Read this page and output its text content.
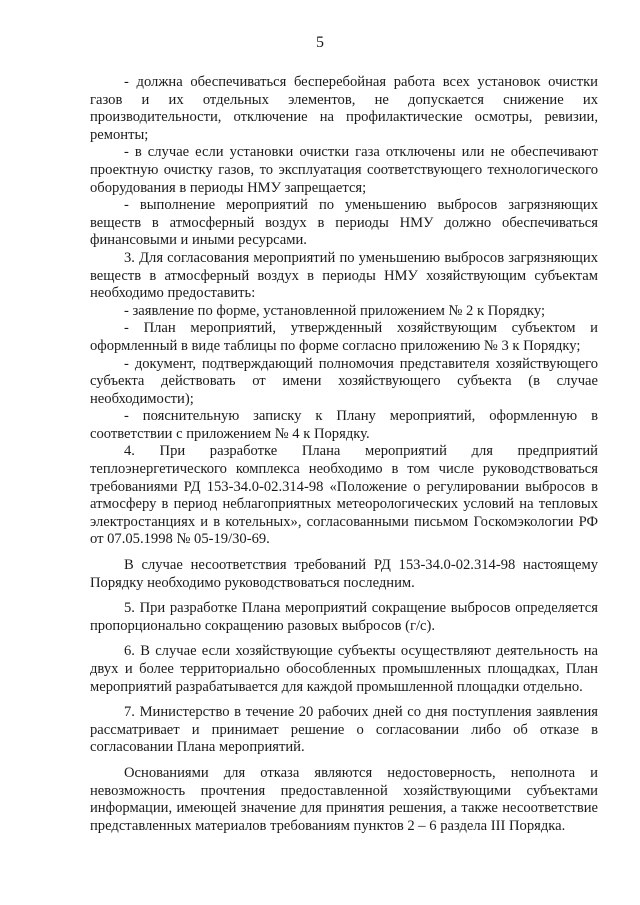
5

- должна обеспечиваться бесперебойная работа всех установок очистки газов и их отдельных элементов, не допускается снижение их производительности, отключение на профилактические осмотры, ревизии, ремонты;

- в случае если установки очистки газа отключены или не обеспечивают проектную очистку газов, то эксплуатация соответствующего технологического оборудования в периоды НМУ запрещается;

- выполнение мероприятий по уменьшению выбросов загрязняющих веществ в атмосферный воздух в периоды НМУ должно обеспечиваться финансовыми и иными ресурсами.

3. Для согласования мероприятий по уменьшению выбросов загрязняющих веществ в атмосферный воздух в периоды НМУ хозяйствующим субъектам необходимо предоставить:

- заявление по форме, установленной приложением № 2 к Порядку;

- План мероприятий, утвержденный хозяйствующим субъектом и оформленный в виде таблицы по форме согласно приложению № 3 к Порядку;

- документ, подтверждающий полномочия представителя хозяйствующего субъекта действовать от имени хозяйствующего субъекта (в случае необходимости);

- пояснительную записку к Плану мероприятий, оформленную в соответствии с приложением № 4 к Порядку.

4. При разработке Плана мероприятий для предприятий теплоэнергетического комплекса необходимо в том числе руководствоваться требованиями РД 153-34.0-02.314-98 «Положение о регулировании выбросов в атмосферу в период неблагоприятных метеорологических условий на тепловых электростанциях и в котельных», согласованными письмом Госкомэкологии РФ от 07.05.1998 № 05-19/30-69.

В случае несоответствия требований РД 153-34.0-02.314-98 настоящему Порядку необходимо руководствоваться последним.

5. При разработке Плана мероприятий сокращение выбросов определяется пропорционально сокращению разовых выбросов (г/с).

6. В случае если хозяйствующие субъекты осуществляют деятельность на двух и более территориально обособленных промышленных площадках, План мероприятий разрабатывается для каждой промышленной площадки отдельно.

7. Министерство в течение 20 рабочих дней со дня поступления заявления рассматривает и принимает решение о согласовании либо об отказе в согласовании Плана мероприятий.

Основаниями для отказа являются недостоверность, неполнота и невозможность прочтения предоставленной хозяйствующими субъектами информации, имеющей значение для принятия решения, а также несоответствие представленных материалов требованиям пунктов 2 – 6 раздела III Порядка.
